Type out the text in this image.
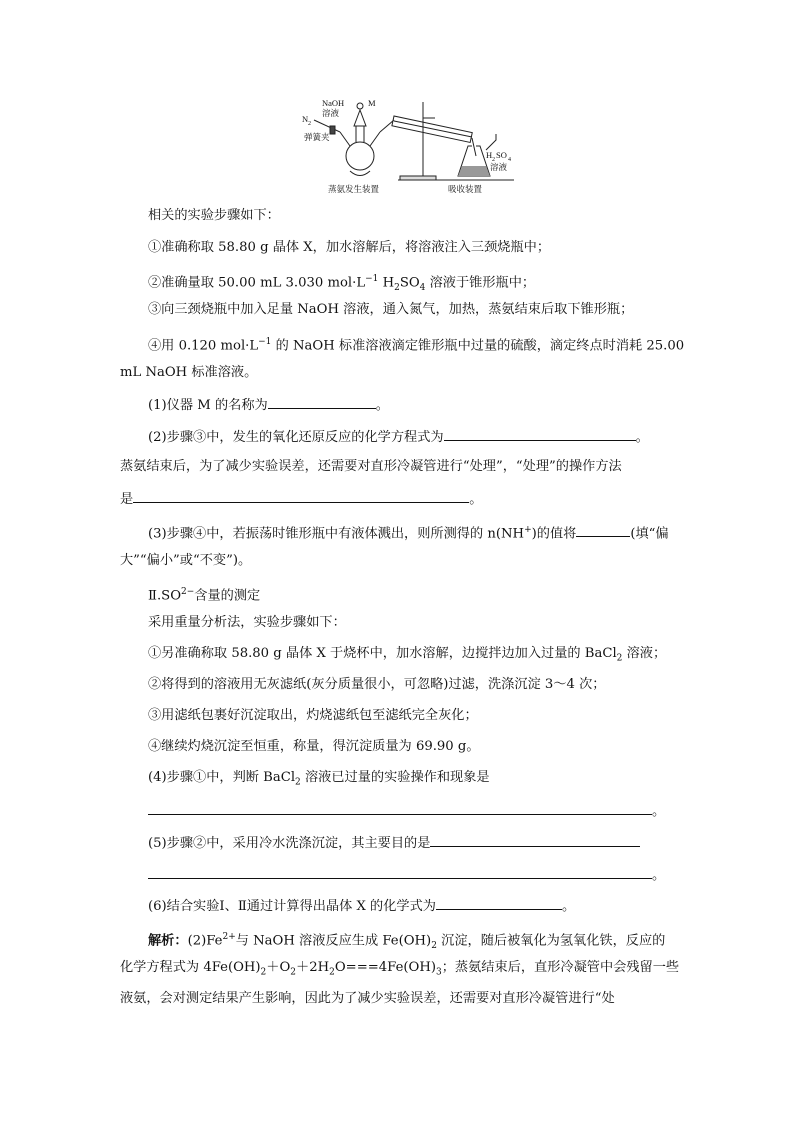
NaOH
溶液
M
N 2
弹簧夹
H 2 SO 4
溶液
蒸氨发生装置	吸收装置
相关的实验步骤如下：
①准确称取 58.80 g 晶体 X，加水溶解后，将溶液注入三颈烧瓶中；
②准确量取 50.00 mL 3.030 $mol\cdot L^{-1}$ $H_2SO_4$ 溶液于锥形瓶中；
③向三颈烧瓶中加入足量 NaOH 溶液，通入氮气，加热，蒸氨结束后取下锥形瓶；
④用 0.120 $mol\cdot L^{-1}$ 的 NaOH 标准溶液滴定锥形瓶中过量的硫酸，滴定终点时消耗 25.00
mL NaOH 标准溶液。
(1)仪器 M 的名称为	。
(2)步骤③中，发生的氧化还原反应的化学方程式为	。
蒸氨结束后，为了减少实验误差，还需要对直形冷凝管进行“处理”，“处理”的操作方法
是	。
(3)步骤④中，若振荡时锥形瓶中有液体溅出，则所测得的 n(NH+)的值将	(填“偏
大”“偏小”或“不变”)。
$Ⅱ.SO^{2-}$含量的测定
采用重量分析法，实验步骤如下：
①另准确称取 58.80 g 晶体 X 于烧杯中，加水溶解，边搅拌边加入过量的 BaCl$_2$ 溶液；
②将得到的溶液用无灰滤纸(灰分质量很小，可忽略)过滤，洗涤沉淀 3～4 次；
③用滤纸包裹好沉淀取出，灼烧滤纸包至滤纸完全灰化；
④继续灼烧沉淀至恒重，称量，得沉淀质量为 69.90 g。
(4)步骤①中，判断 BaCl$_2$ 溶液已过量的实验操作和现象是
。
(5)步骤②中，采用冷水洗涤沉淀，其主要目的是
。
(6)结合实验Ⅰ、Ⅱ通过计算得出晶体 X 的化学式为	。
解析：$(2)Fe^{2+}$与 NaOH 溶液反应生成 $Fe(OH)_2$ 沉淀，随后被氧化为氢氧化铁，反应的
化学方程式为 $4Fe(OH)_2+O_2+2H_2O===4Fe(OH)_3$；蒸氨结束后，直形冷凝管中会残留一些
液氨，会对测定结果产生影响，因此为了减少实验误差，还需要对直形冷凝管进行“处
